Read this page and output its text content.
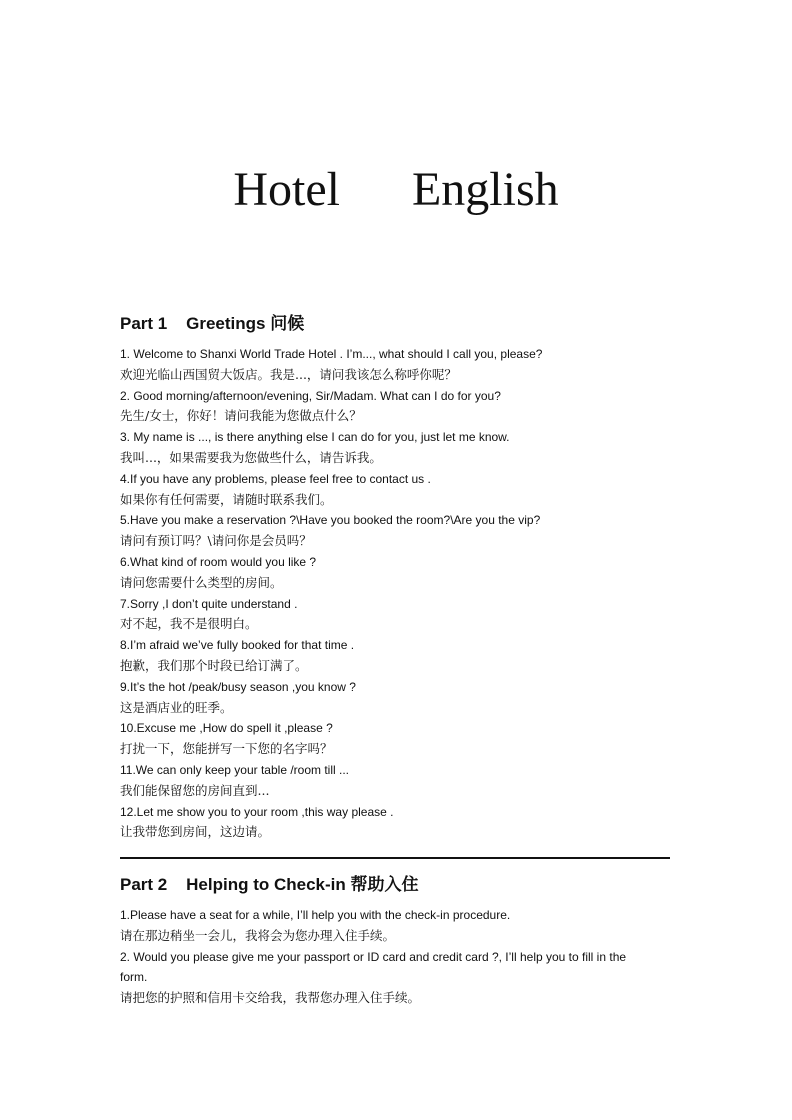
Hotel      English
Part 1    Greetings 问候
1. Welcome to Shanxi World Trade Hotel . I’m..., what should I call you, please?
欢迎光临山西国贸大饭店。我是...，请问我该怎么称呼你呢？
2. Good morning/afternoon/evening, Sir/Madam. What can I do for you?
先生/女士，你好！请问我能为您做点什么？
3. My name is ..., is there anything else I can do for you, just let me know.
我叫...，如果需要我为您做些什么，请告诉我。
4.If you have any problems, please feel free to contact us .
如果你有任何需要，请随时联系我们。
5.Have you make a reservation ?\Have you booked the room?\Are you the vip?
请问有预订吗？\请问你是会员吗？
6.What kind of room would you like ?
请问您需要什么类型的房间。
7.Sorry ,I don’t quite understand .
对不起，我不是很明白。
8.I’m afraid we’ve fully booked for that time .
抱歉，我们那个时段已给订满了。
9.It’s the hot /peak/busy season ,you know ?
这是酒店业的旺季。
10.Excuse me ,How do spell it ,please ?
打扰一下，您能拼写一下您的名字吗？
11.We can only keep your table /room till ...
我们能保留您的房间直到...
12.Let me show you to your room ,this way please .
让我带您到房间，这边请。
Part 2    Helping to Check-in 帮助入住
1.Please have a seat for a while, I’ll help you with the check-in procedure.
请在那边稍坐一会儿，我将会为您办理入住手续。
2. Would you please give me your passport or ID card and credit card ?, I’ll help you to fill in the
form.
请把您的护照和信用卡交给我，我帮您办理入住手续。
